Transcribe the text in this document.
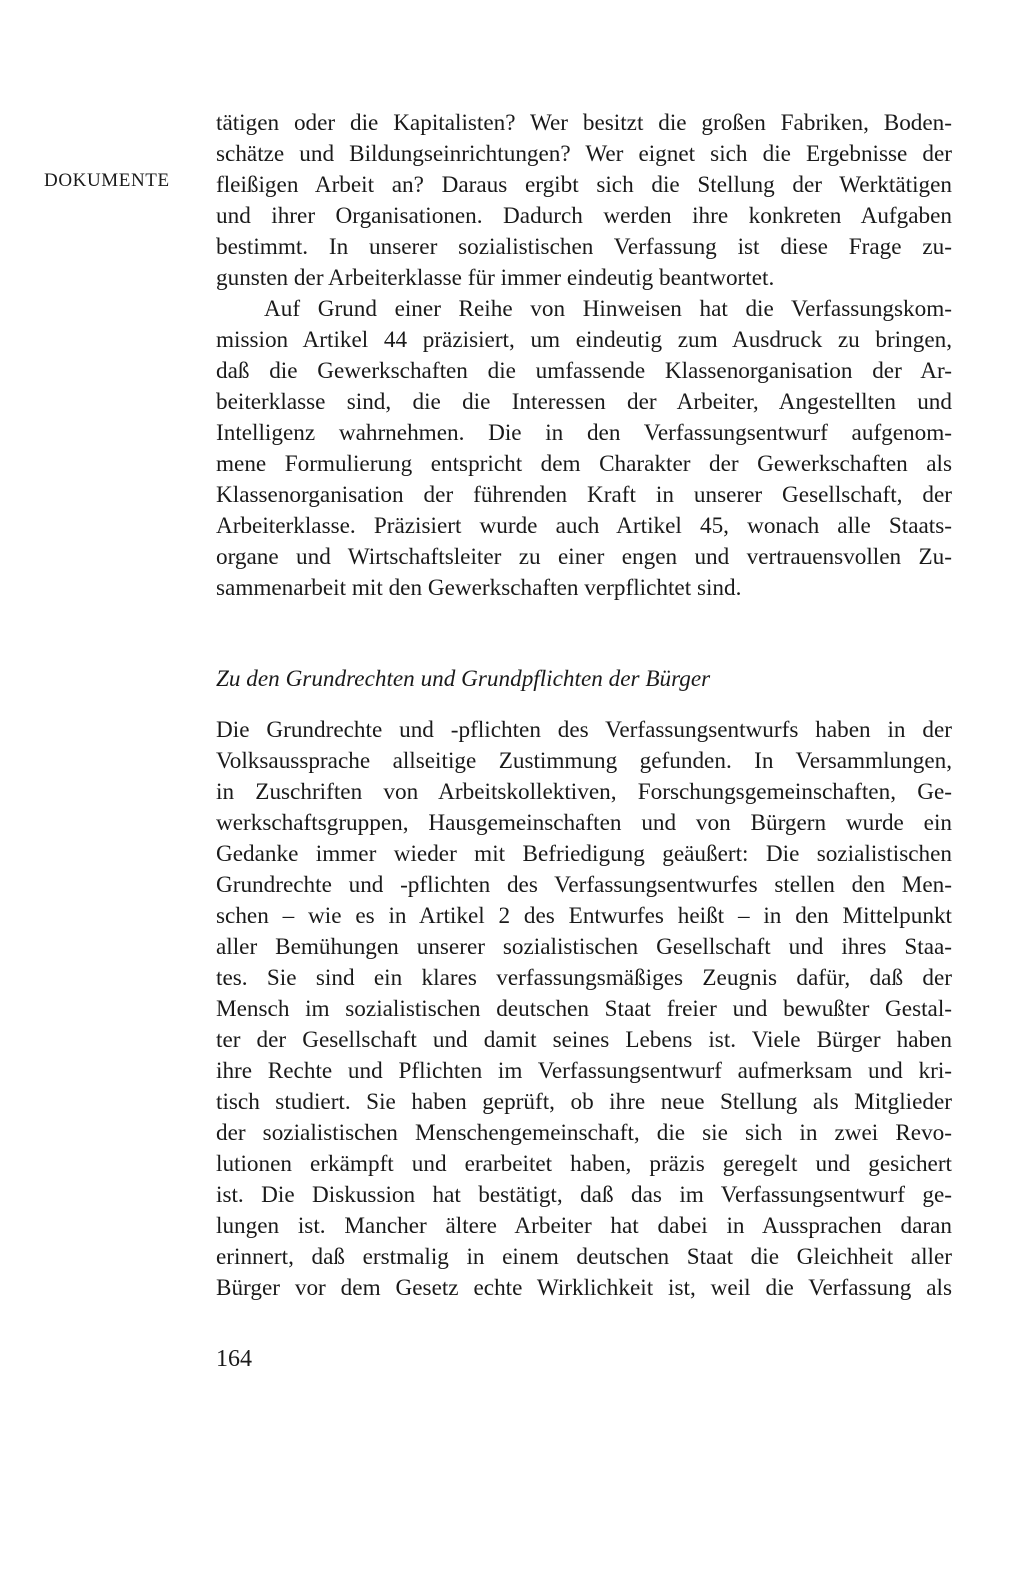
DOKUMENTE

tätigen oder die Kapitalisten? Wer besitzt die großen Fabriken, Boden-
schätze und Bildungseinrichtungen? Wer eignet sich die Ergebnisse der
fleißigen Arbeit an? Daraus ergibt sich die Stellung der Werktätigen
und ihrer Organisationen. Dadurch werden ihre konkreten Aufgaben
bestimmt. In unserer sozialistischen Verfassung ist diese Frage zu-
gunsten der Arbeiterklasse für immer eindeutig beantwortet.

Auf Grund einer Reihe von Hinweisen hat die Verfassungskom-
mission Artikel 44 präzisiert, um eindeutig zum Ausdruck zu bringen,
daß die Gewerkschaften die umfassende Klassenorganisation der Ar-
beiterklasse sind, die die Interessen der Arbeiter, Angestellten und
Intelligenz wahrnehmen. Die in den Verfassungsentwurf aufgenom-
mene Formulierung entspricht dem Charakter der Gewerkschaften als
Klassenorganisation der führenden Kraft in unserer Gesellschaft, der
Arbeiterklasse. Präzisiert wurde auch Artikel 45, wonach alle Staats-
organe und Wirtschaftsleiter zu einer engen und vertrauensvollen Zu-
sammenarbeit mit den Gewerkschaften verpflichtet sind.

Zu den Grundrechten und Grundpflichten der Bürger

Die Grundrechte und -pflichten des Verfassungsentwurfs haben in der
Volksaussprache allseitige Zustimmung gefunden. In Versammlungen,
in Zuschriften von Arbeitskollektiven, Forschungsgemeinschaften, Ge-
werkschaftsgruppen, Hausgemeinschaften und von Bürgern wurde ein
Gedanke immer wieder mit Befriedigung geäußert: Die sozialistischen
Grundrechte und -pflichten des Verfassungsentwurfes stellen den Men-
schen – wie es in Artikel 2 des Entwurfes heißt – in den Mittelpunkt
aller Bemühungen unserer sozialistischen Gesellschaft und ihres Staa-
tes. Sie sind ein klares verfassungsmäßiges Zeugnis dafür, daß der
Mensch im sozialistischen deutschen Staat freier und bewußter Gestal-
ter der Gesellschaft und damit seines Lebens ist. Viele Bürger haben
ihre Rechte und Pflichten im Verfassungsentwurf aufmerksam und kri-
tisch studiert. Sie haben geprüft, ob ihre neue Stellung als Mitglieder
der sozialistischen Menschengemeinschaft, die sie sich in zwei Revo-
lutionen erkämpft und erarbeitet haben, präzis geregelt und gesichert
ist. Die Diskussion hat bestätigt, daß das im Verfassungsentwurf ge-
lungen ist. Mancher ältere Arbeiter hat dabei in Aussprachen daran
erinnert, daß erstmalig in einem deutschen Staat die Gleichheit aller
Bürger vor dem Gesetz echte Wirklichkeit ist, weil die Verfassung als

164
